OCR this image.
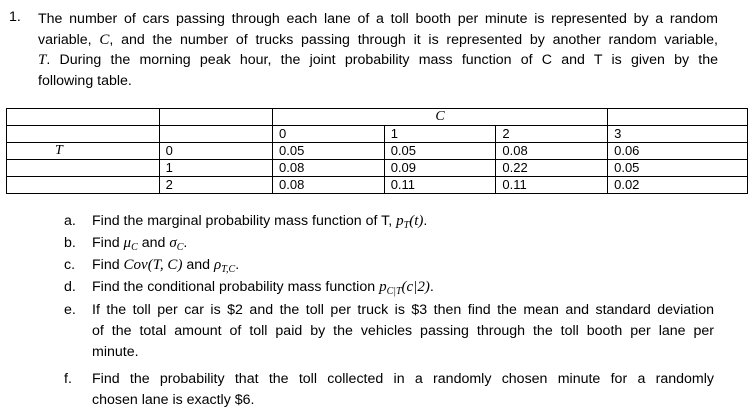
1. The number of cars passing through each lane of a toll booth per minute is represented by a random
variable, C, and the number of trucks passing through it is represented by another random variable,
T. During the morning peak hour, the joint probability mass function of C and T is given by the
following table.
		C			
		0	1	2	3
T	0	0.05	0.05	0.08	0.06
	1	0.08	0.09	0.22	0.05
	2	0.08	0.11	0.11	0.02
a.	Find the marginal probability mass function of T, $p_T(t)$.
b.	Find $\mu_C$ and $\sigma_C$.
c.	Find Cov(T, C) and $\rho_{T,C}$.
d.	Find the conditional probability mass function $p_{C|T}(c|2)$.
e.	If the toll per car is $2 and the toll per truck is $3 then find the mean and standard deviation
of the total amount of toll paid by the vehicles passing through the toll booth per lane per
minute.
f.	Find the probability that the toll collected in a randomly chosen minute for a randomly
chosen lane is exactly $6.
